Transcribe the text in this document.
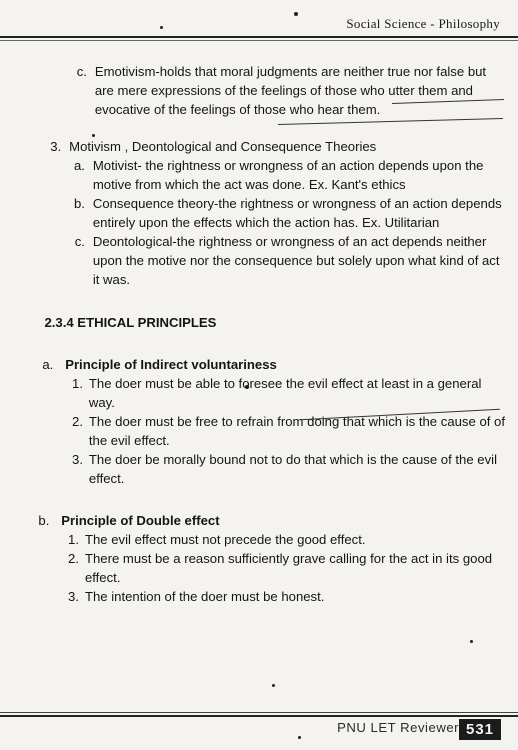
Social Science - Philosophy
c. Emotivism-holds that moral judgments are neither true nor false but
are mere expressions of the feelings of those who utter them and
evocative of the feelings of those who hear them.
3. Motivism , Deontological and Consequence Theories
a. Motivist- the rightness or wrongness of an action depends upon the
motive from which the act was done. Ex. Kant's ethics
b. Consequence theory-the rightness or wrongness of an action depends
entirely upon the effects which the action has. Ex. Utilitarian
c. Deontological-the rightness or wrongness of an act depends neither
upon the motive nor the consequence but solely upon what kind of act
it was.
2.3.4 ETHICAL PRINCIPLES
a. Principle of Indirect voluntariness
1. The doer must be able to foresee the evil effect at least in a general
way.
2. The doer must be free to refrain from doing that which is the cause of of
the evil effect.
3. The doer be morally bound not to do that which is the cause of the evil
effect.
b. Principle of Double effect
1. The evil effect must not precede the good effect.
2. There must be a reason sufficiently grave calling for the act in its good
effect.
3. The intention of the doer must be honest.
PNU LET Reviewer 531
